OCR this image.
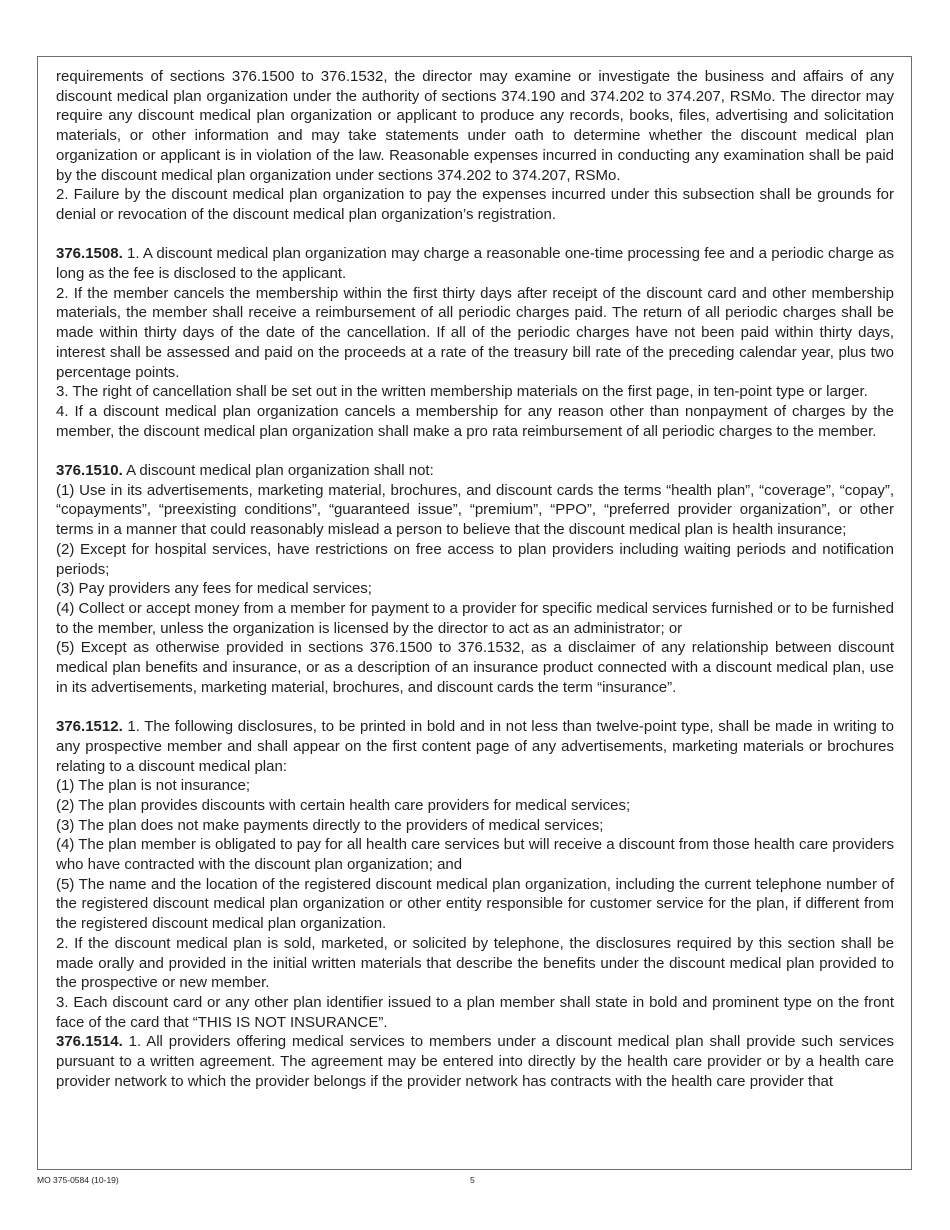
requirements of sections 376.1500 to 376.1532, the director may examine or investigate the business and affairs of any discount medical plan organization under the authority of sections 374.190 and 374.202 to 374.207, RSMo. The director may require any discount medical plan organization or applicant to produce any records, books, files, advertising and solicitation materials, or other information and may take statements under oath to determine whether the discount medical plan organization or applicant is in violation of the law. Reasonable expenses incurred in conducting any examination shall be paid by the discount medical plan organization under sections 374.202 to 374.207, RSMo.

2. Failure by the discount medical plan organization to pay the expenses incurred under this subsection shall be grounds for denial or revocation of the discount medical plan organization’s registration.

376.1508. 1. A discount medical plan organization may charge a reasonable one-time processing fee and a periodic charge as long as the fee is disclosed to the applicant.

2. If the member cancels the membership within the first thirty days after receipt of the discount card and other membership materials, the member shall receive a reimbursement of all periodic charges paid. The return of all periodic charges shall be made within thirty days of the date of the cancellation. If all of the periodic charges have not been paid within thirty days, interest shall be assessed and paid on the proceeds at a rate of the treasury bill rate of the preceding calendar year, plus two percentage points.

3. The right of cancellation shall be set out in the written membership materials on the first page, in ten-point type or larger.

4. If a discount medical plan organization cancels a membership for any reason other than nonpayment of charges by the member, the discount medical plan organization shall make a pro rata reimbursement of all periodic charges to the member.

376.1510. A discount medical plan organization shall not:

(1) Use in its advertisements, marketing material, brochures, and discount cards the terms “health plan”, “coverage”, “copay”, “copayments”, “preexisting conditions”, “guaranteed issue”, “premium”, “PPO”, “preferred provider organization”, or other terms in a manner that could reasonably mislead a person to believe that the discount medical plan is health insurance;

(2) Except for hospital services, have restrictions on free access to plan providers including waiting periods and notification periods;

(3) Pay providers any fees for medical services;

(4) Collect or accept money from a member for payment to a provider for specific medical services furnished or to be furnished to the member, unless the organization is licensed by the director to act as an administrator; or

(5) Except as otherwise provided in sections 376.1500 to 376.1532, as a disclaimer of any relationship between discount medical plan benefits and insurance, or as a description of an insurance product connected with a discount medical plan, use in its advertisements, marketing material, brochures, and discount cards the term “insurance”.

376.1512. 1. The following disclosures, to be printed in bold and in not less than twelve-point type, shall be made in writing to any prospective member and shall appear on the first content page of any advertisements, marketing materials or brochures relating to a discount medical plan:

(1) The plan is not insurance;

(2) The plan provides discounts with certain health care providers for medical services;

(3) The plan does not make payments directly to the providers of medical services;

(4) The plan member is obligated to pay for all health care services but will receive a discount from those health care providers who have contracted with the discount plan organization; and

(5) The name and the location of the registered discount medical plan organization, including the current telephone number of the registered discount medical plan organization or other entity responsible for customer service for the plan, if different from the registered discount medical plan organization.

2. If the discount medical plan is sold, marketed, or solicited by telephone, the disclosures required by this section shall be made orally and provided in the initial written materials that describe the benefits under the discount medical plan provided to the prospective or new member.

3. Each discount card or any other plan identifier issued to a plan member shall state in bold and prominent type on the front face of the card that “THIS IS NOT INSURANCE”.

376.1514. 1. All providers offering medical services to members under a discount medical plan shall provide such services pursuant to a written agreement. The agreement may be entered into directly by the health care provider or by a health care provider network to which the provider belongs if the provider network has contracts with the health care provider that

MO 375-0584 (10-19)	5
